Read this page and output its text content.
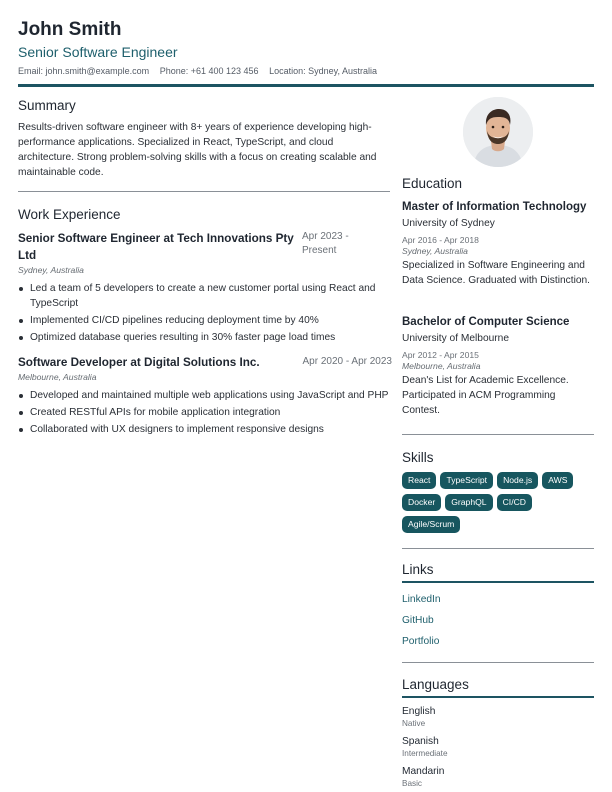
John Smith
Senior Software Engineer
Email: john.smith@example.com Phone: +61 400 123 456 Location: Sydney, Australia
Summary
Results-driven software engineer with 8+ years of experience developing high-performance applications. Specialized in React, TypeScript, and cloud architecture. Strong problem-solving skills with a focus on creating scalable and maintainable code.
Work Experience
Senior Software Engineer at Tech Innovations Pty Ltd
Apr 2023 -
Present
Sydney, Australia
Led a team of 5 developers to create a new customer portal using React and TypeScript
Implemented CI/CD pipelines reducing deployment time by 40%
Optimized database queries resulting in 30% faster page load times
Software Developer at Digital Solutions Inc.	Apr 2020 - Apr 2023
Melbourne, Australia
Developed and maintained multiple web applications using JavaScript and PHP
Created RESTful APIs for mobile application integration
Collaborated with UX designers to implement responsive designs
Education
Master of Information Technology
University of Sydney
Apr 2016 - Apr 2018
Sydney, Australia
Specialized in Software Engineering and Data Science. Graduated with Distinction.
Bachelor of Computer Science
University of Melbourne
Apr 2012 - Apr 2015
Melbourne, Australia
Dean's List for Academic Excellence. Participated in ACM Programming Contest.
Skills
React	TypeScript	Node.js	AWS
Docker	GraphQL	CI/CD
Agile/Scrum
Links
LinkedIn
GitHub
Portfolio
Languages
English
Native
Spanish
Intermediate
Mandarin
Basic
